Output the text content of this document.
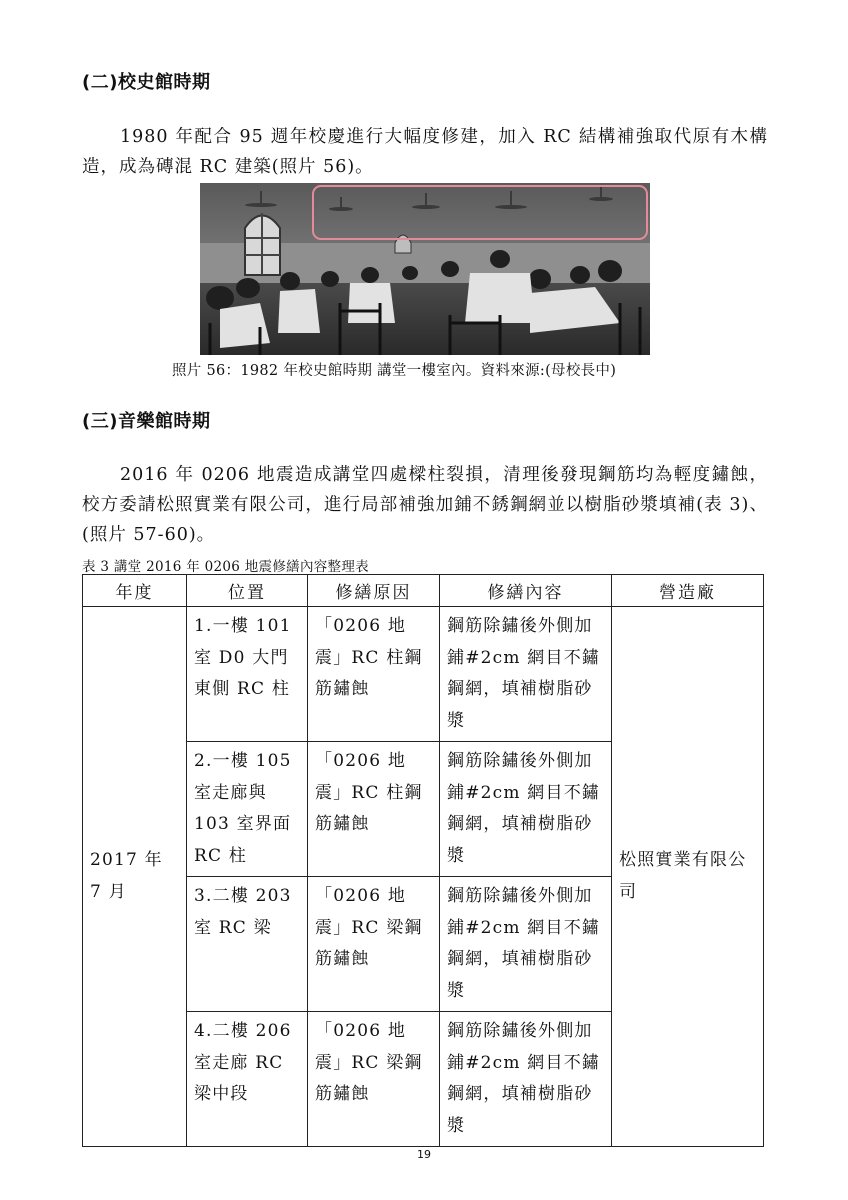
(二)校史館時期

1980 年配合 95 週年校慶進行大幅度修建，加入 RC 結構補強取代原有木構造，成為磚混 RC 建築(照片 56)。

照片 56：1982 年校史館時期 講堂一樓室內。資料來源:(母校長中)
(三)音樂館時期

2016 年 0206 地震造成講堂四處樑柱裂損，清理後發現鋼筋均為輕度鏽蝕，校方委請松照實業有限公司，進行局部補強加鋪不銹鋼網並以樹脂砂漿填補(表 3)、(照片 57-60)。

表 3 講堂 2016 年 0206 地震修繕內容整理表
年度	位置	修繕原因	修繕內容	營造廠
2017 年 7 月	1.一樓 101 室 D0 大門東側 RC 柱	「0206 地震」RC 柱鋼筋鏽蝕	鋼筋除鏽後外側加鋪#2cm 網目不鏽鋼網，填補樹脂砂漿	松照實業有限公司
	2.一樓 105 室走廊與 103 室界面 RC 柱	「0206 地震」RC 柱鋼筋鏽蝕	鋼筋除鏽後外側加鋪#2cm 網目不鏽鋼網，填補樹脂砂漿	
	3.二樓 203 室 RC 梁	「0206 地震」RC 梁鋼筋鏽蝕	鋼筋除鏽後外側加鋪#2cm 網目不鏽鋼網，填補樹脂砂漿	
	4.二樓 206 室走廊 RC 梁中段	「0206 地震」RC 梁鋼筋鏽蝕	鋼筋除鏽後外側加鋪#2cm 網目不鏽鋼網，填補樹脂砂漿	
19
